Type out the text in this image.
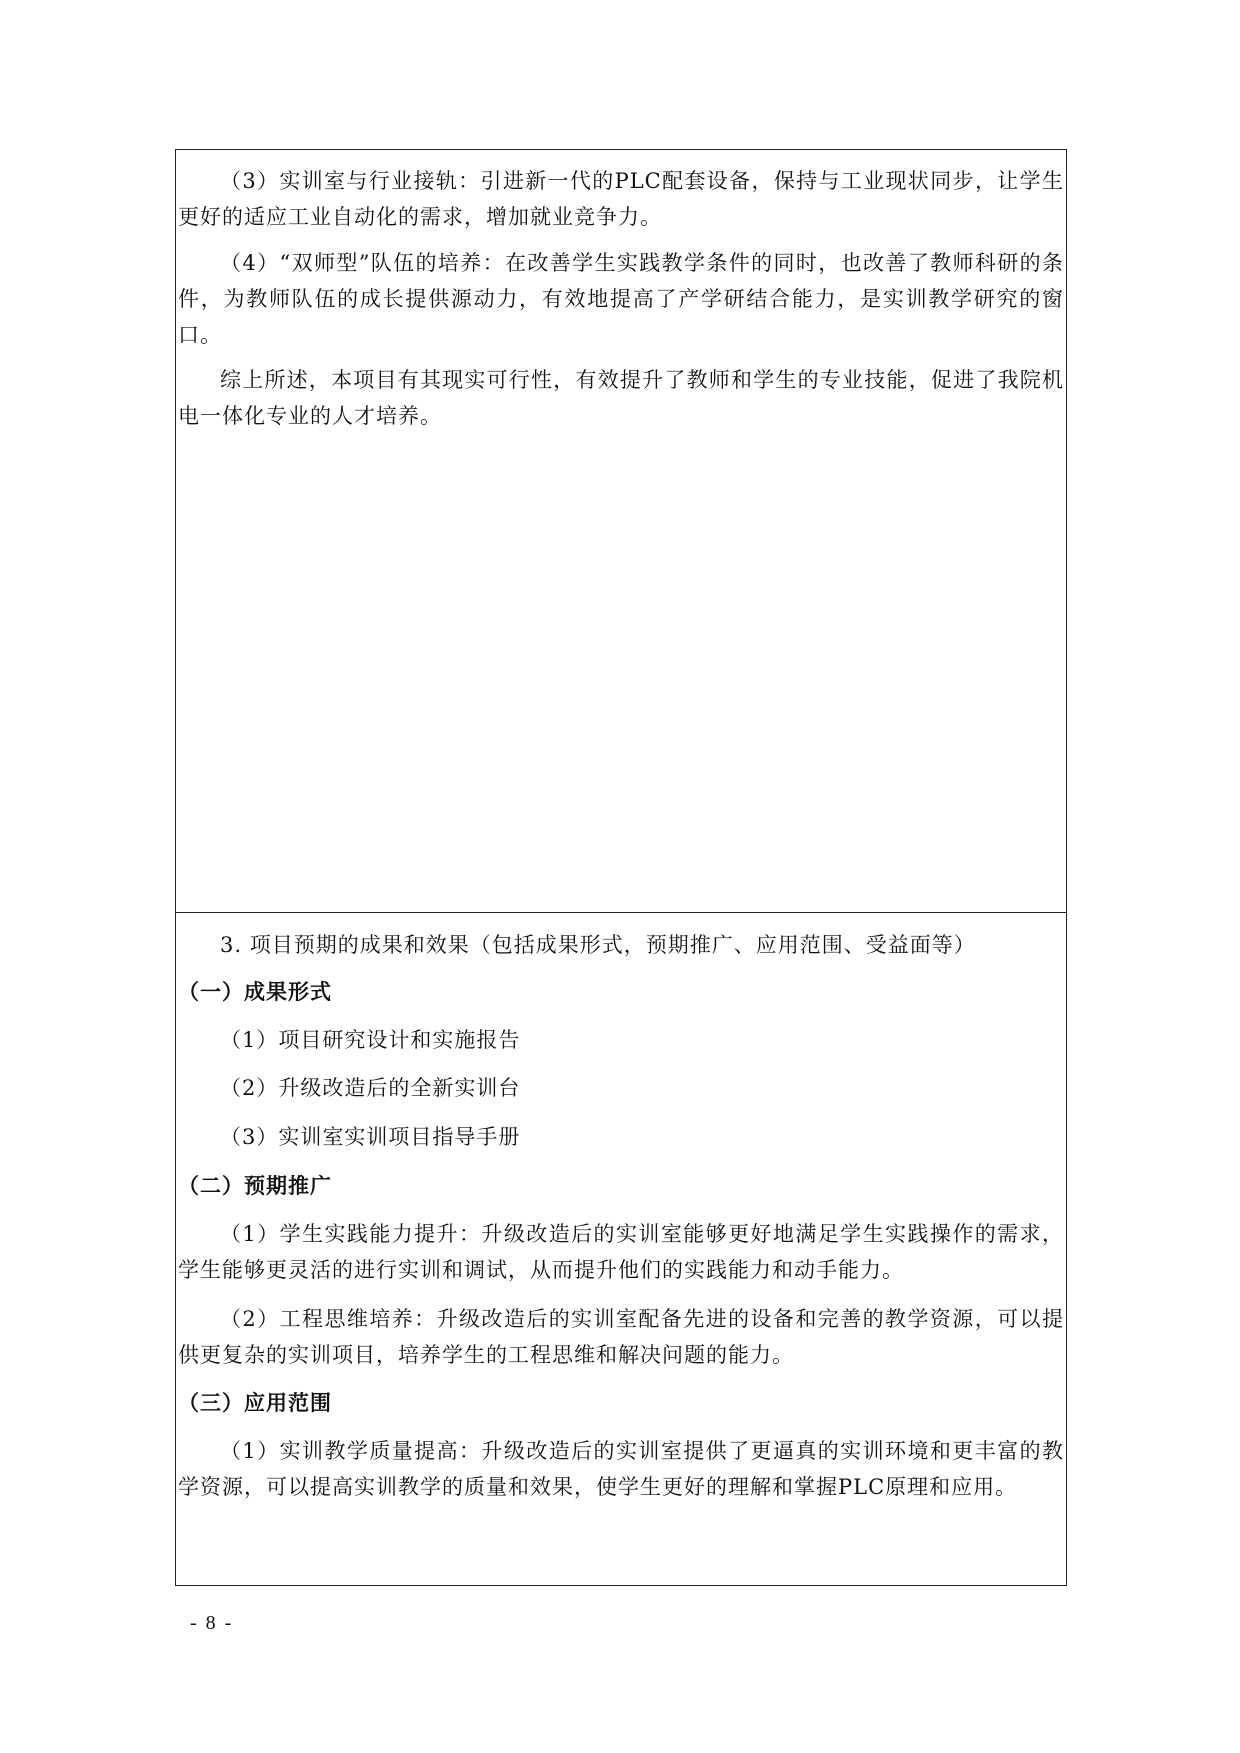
（3）实训室与行业接轨：引进新一代的PLC配套设备，保持与工业现状同步，让学生更好的适应工业自动化的需求，增加就业竞争力。

（4）“双师型”队伍的培养：在改善学生实践教学条件的同时，也改善了教师科研的条件，为教师队伍的成长提供源动力，有效地提高了产学研结合能力，是实训教学研究的窗口。

综上所述，本项目有其现实可行性，有效提升了教师和学生的专业技能，促进了我院机电一体化专业的人才培养。

3. 项目预期的成果和效果（包括成果形式，预期推广、应用范围、受益面等）

（一）成果形式

（1）项目研究设计和实施报告

（2）升级改造后的全新实训台

（3）实训室实训项目指导手册

（二）预期推广

（1）学生实践能力提升：升级改造后的实训室能够更好地满足学生实践操作的需求，学生能够更灵活的进行实训和调试，从而提升他们的实践能力和动手能力。

（2）工程思维培养：升级改造后的实训室配备先进的设备和完善的教学资源，可以提供更复杂的实训项目，培养学生的工程思维和解决问题的能力。

（三）应用范围

（1）实训教学质量提高：升级改造后的实训室提供了更逼真的实训环境和更丰富的教学资源，可以提高实训教学的质量和效果，使学生更好的理解和掌握PLC原理和应用。

- 8 -
